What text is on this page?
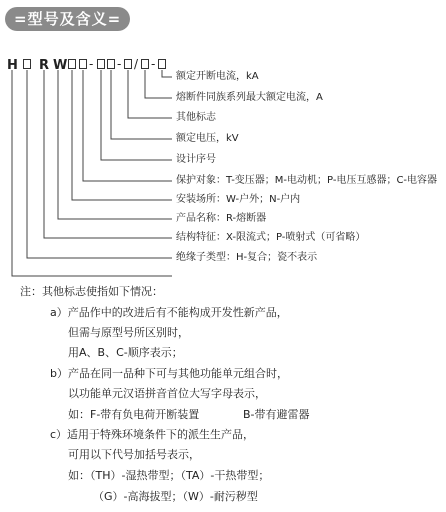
=型号及含义=
H R W - - / -
额定开断电流，kA
熔断件同族系列最大额定电流，A
其他标志
额定电压，kV
设计序号
保护对象：T-变压器；M-电动机；P-电压互感器；C-电容器
安装场所：W-户外；N-户内
产品名称：R-熔断器
结构特征：X-限流式；P-喷射式（可省略）
绝缘子类型：H-复合；瓷不表示
注：其他标志使指如下情况：
a）产品作中的改进后有不能构成开发性新产品，
但需与原型号所区别时，
用A、B、C-顺序表示；
b）产品在同一品种下可与其他功能单元组合时，
以功能单元汉语拼音首位大写字母表示，
如：F-带有负电荷开断装置	B-带有避雷器
c）适用于特殊环境条件下的派生生产品，
可用以下代号加括号表示，
如：（TH）-湿热带型；（TA）-干热带型；
（G）-高海拔型；（W）-耐污秽型
